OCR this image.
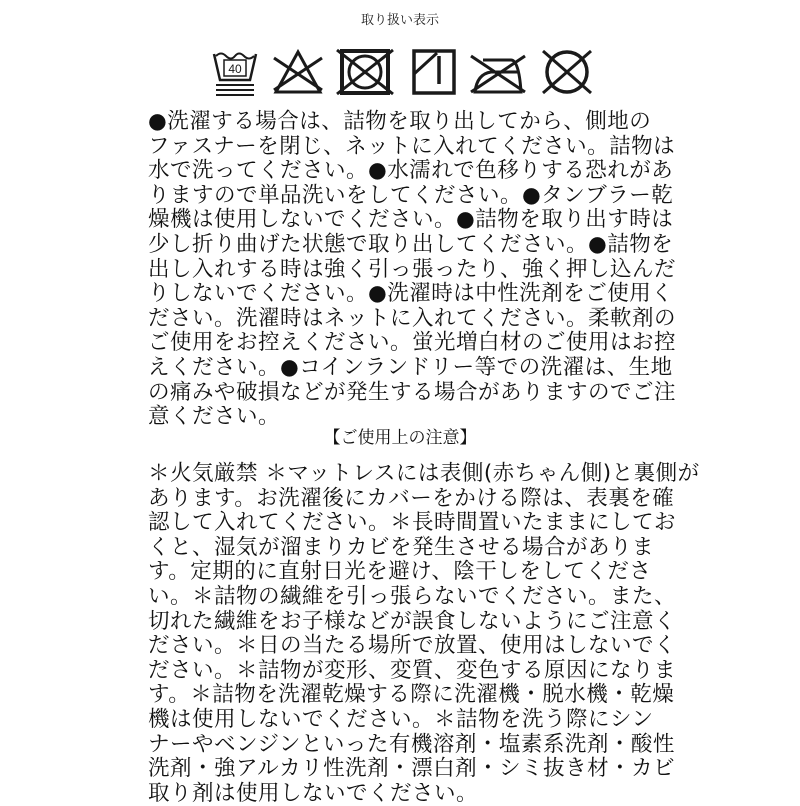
取り扱い表示
40
●洗濯する場合は、詰物を取り出してから、側地の
ファスナーを閉じ、ネットに入れてください。詰物は
水で洗ってください。●水濡れで色移りする恐れがあ
りますので単品洗いをしてください。●タンブラー乾
燥機は使用しないでください。●詰物を取り出す時は
少し折り曲げた状態で取り出してください。●詰物を
出し入れする時は強く引っ張ったり、強く押し込んだ
りしないでください。●洗濯時は中性洗剤をご使用く
ださい。洗濯時はネットに入れてください。柔軟剤の
ご使用をお控えください。蛍光増白材のご使用はお控
えください。●コインランドリー等での洗濯は、生地
の痛みや破損などが発生する場合がありますのでご注
意ください。
【ご使用上の注意】
＊火気厳禁 ＊マットレスには表側(赤ちゃん側)と裏側が
あります。お洗濯後にカバーをかける際は、表裏を確
認して入れてください。＊長時間置いたままにしてお
くと、湿気が溜まりカビを発生させる場合がありま
す。定期的に直射日光を避け、陰干しをしてくださ
い。＊詰物の繊維を引っ張らないでください。また、
切れた繊維をお子様などが誤食しないようにご注意く
ださい。＊日の当たる場所で放置、使用はしないでく
ださい。＊詰物が変形、変質、変色する原因になりま
す。＊詰物を洗濯乾燥する際に洗濯機・脱水機・乾燥
機は使用しないでください。＊詰物を洗う際にシン
ナーやベンジンといった有機溶剤・塩素系洗剤・酸性
洗剤・強アルカリ性洗剤・漂白剤・シミ抜き材・カビ
取り剤は使用しないでください。
